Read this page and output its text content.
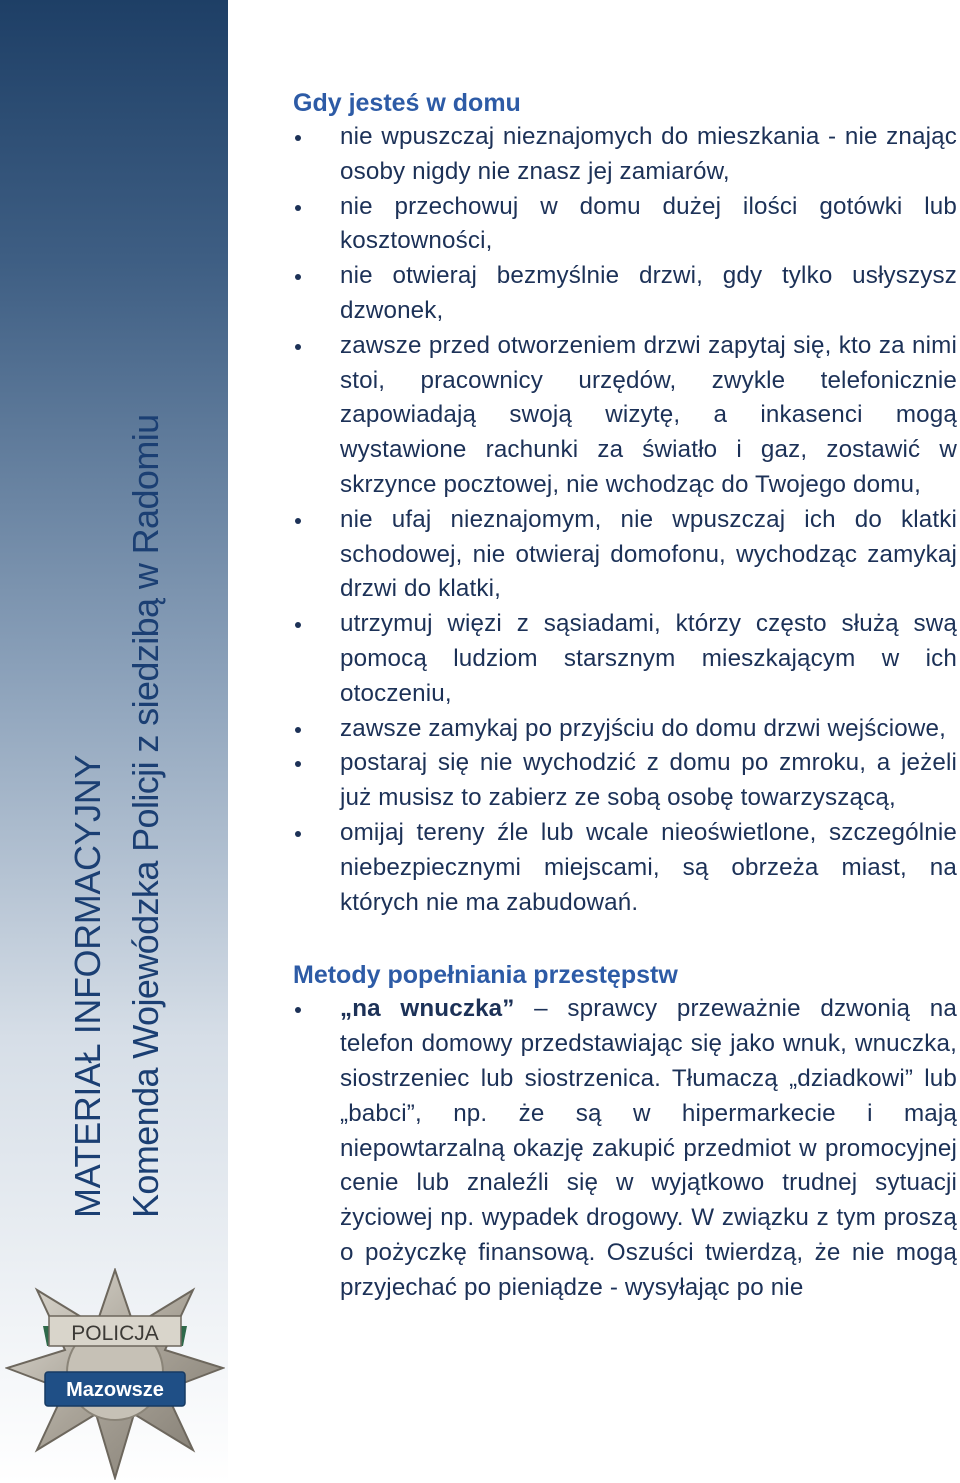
MATERIAŁ INFORMACYJNY Komenda Wojewódzka Policji z siedzibą w Radomiu
POLICJA
Mazowsze
Gdy jesteś w domu
nie wpuszczaj nieznajomych do mieszkania - nie znając osoby nigdy nie znasz jej zamiarów,
nie przechowuj w domu dużej ilości gotówki lub kosztowności,
nie otwieraj bezmyślnie drzwi, gdy tylko usłyszysz dzwonek,
zawsze przed otworzeniem drzwi zapytaj się, kto za nimi stoi, pracownicy urzędów, zwykle telefonicznie zapowiadają swoją wizytę, a inkasenci mogą wystawione rachunki za światło i gaz, zostawić w skrzynce pocztowej, nie wchodząc do Twojego domu,
nie ufaj nieznajomym, nie wpuszczaj ich do klatki schodowej, nie otwieraj domofonu, wychodząc zamykaj drzwi do klatki,
utrzymuj więzi z sąsiadami, którzy często służą swą pomocą ludziom starsznym mieszkającym w ich otoczeniu,
zawsze zamykaj po przyjściu do domu drzwi wejściowe,
postaraj się nie wychodzić z domu po zmroku, a jeżeli już musisz to zabierz ze sobą osobę towarzyszącą,
omijaj tereny źle lub wcale nieoświetlone, szczególnie niebezpiecznymi miejscami, są obrzeża miast, na których nie ma zabudowań.
Metody popełniania przestępstw
„na wnuczka” – sprawcy przeważnie dzwonią na telefon domowy przedstawiając się jako wnuk, wnuczka, siostrzeniec lub siostrzenica. Tłumaczą „dziadkowi” lub „babci”, np. że są w hipermarkecie i mają niepowtarzalną okazję zakupić przedmiot w promocyjnej cenie lub znaleźli się w wyjątkowo trudnej sytuacji życiowej np. wypadek drogowy. W związku z tym proszą o pożyczkę finansową. Oszuści twierdzą, że nie mogą przyjechać po pieniądze - wysyłając po nie
